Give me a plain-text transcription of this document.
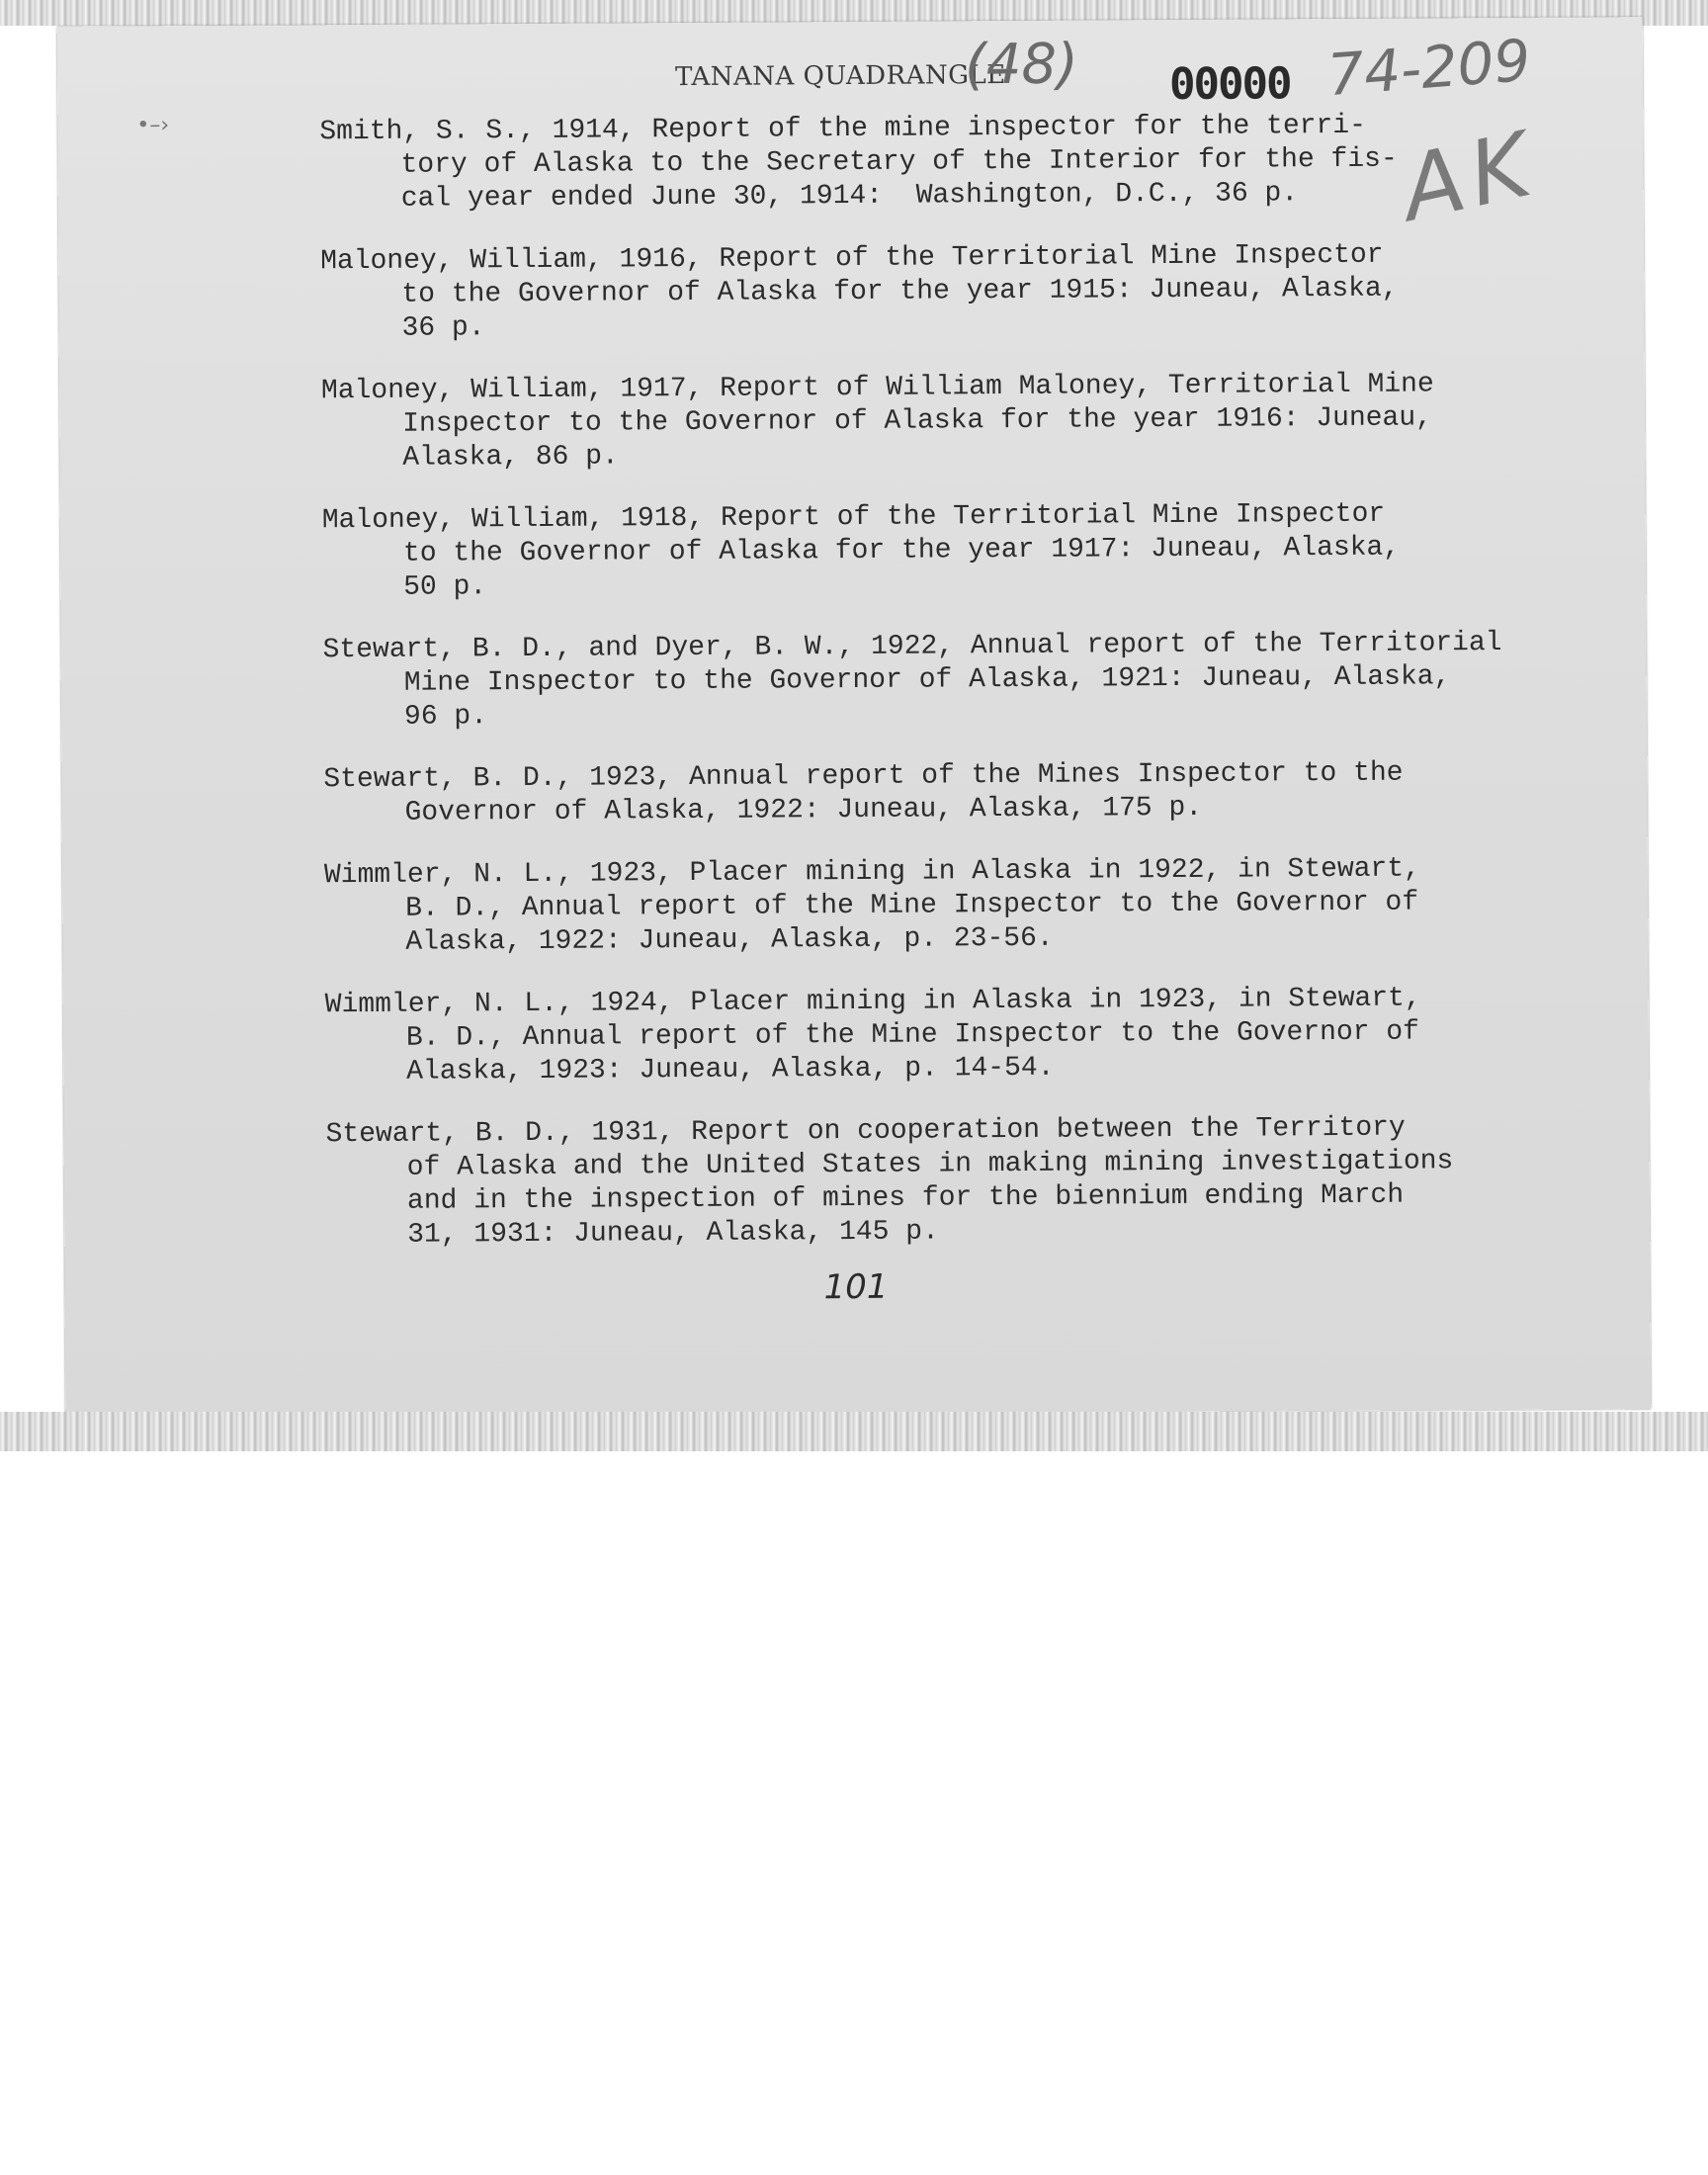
•–›
TANANA QUADRANGLE
(48) 00000 74-209
AK
Smith, S. S., 1914, Report of the mine inspector for the terri-
tory of Alaska to the Secretary of the Interior for the fis-
cal year ended June 30, 1914:  Washington, D.C., 36 p.
Maloney, William, 1916, Report of the Territorial Mine Inspector
to the Governor of Alaska for the year 1915: Juneau, Alaska,
36 p.
Maloney, William, 1917, Report of William Maloney, Territorial Mine
Inspector to the Governor of Alaska for the year 1916: Juneau,
Alaska, 86 p.
Maloney, William, 1918, Report of the Territorial Mine Inspector
to the Governor of Alaska for the year 1917: Juneau, Alaska,
50 p.
Stewart, B. D., and Dyer, B. W., 1922, Annual report of the Territorial
Mine Inspector to the Governor of Alaska, 1921: Juneau, Alaska,
96 p.
Stewart, B. D., 1923, Annual report of the Mines Inspector to the
Governor of Alaska, 1922: Juneau, Alaska, 175 p.
Wimmler, N. L., 1923, Placer mining in Alaska in 1922, in Stewart,
B. D., Annual report of the Mine Inspector to the Governor of
Alaska, 1922: Juneau, Alaska, p. 23-56.
Wimmler, N. L., 1924, Placer mining in Alaska in 1923, in Stewart,
B. D., Annual report of the Mine Inspector to the Governor of
Alaska, 1923: Juneau, Alaska, p. 14-54.
Stewart, B. D., 1931, Report on cooperation between the Territory
of Alaska and the United States in making mining investigations
and in the inspection of mines for the biennium ending March
31, 1931: Juneau, Alaska, 145 p.
101
